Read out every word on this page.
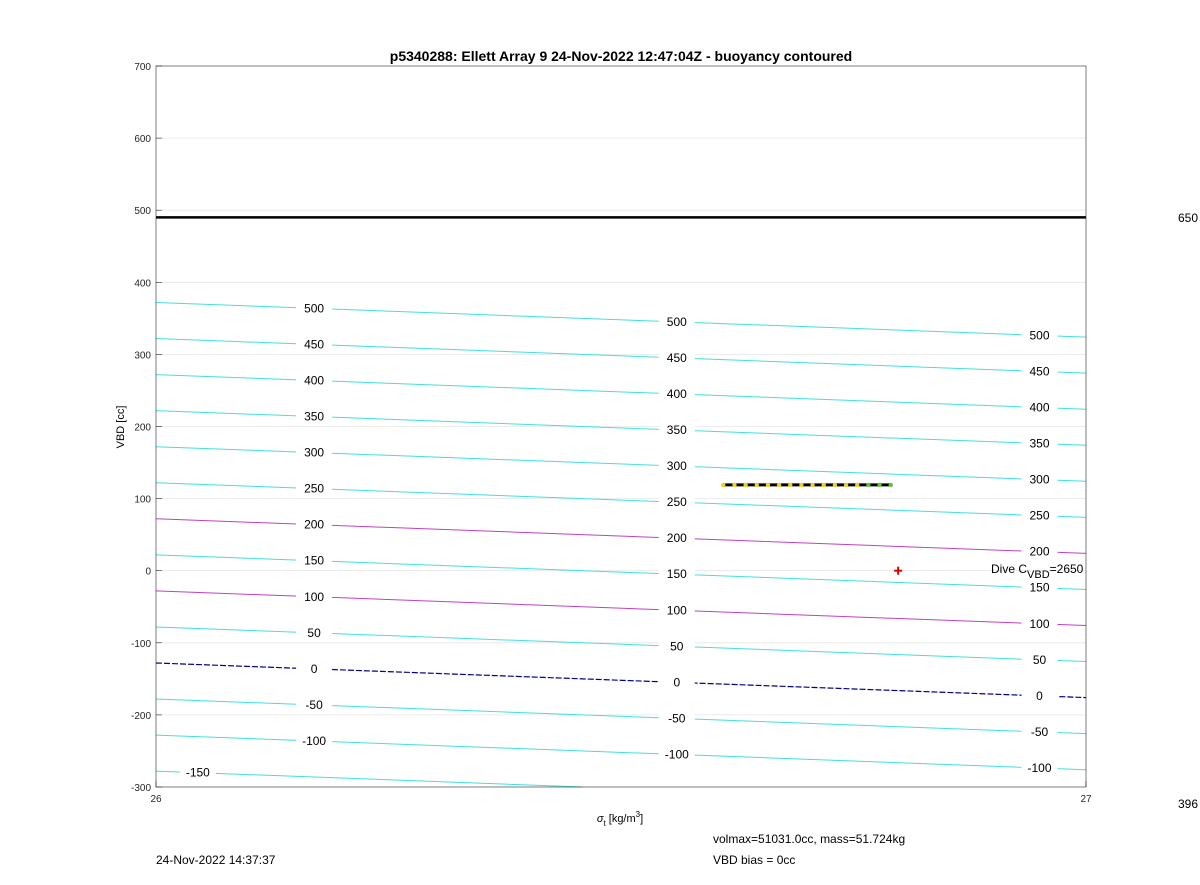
500
500
500
450
450
450
400
400
400
350
350
350
300
300
300
250
250
250
200
200
200
150
150
150
100
100
100
50
50
50
0
0
0
-50
-50
-50
-100
-100
-100
-150
700
600
500
400
300
200
100
0
-100
-200
-300
26	27
p5340288: Ellett Array 9 24-Nov-2022 12:47:04Z - buoyancy contoured
VBD [cc]
$\sigma_t$ $[kg/m^3]$
650
396
Dive CVBD=2650
24-Nov-2022 14:37:37
volmax=51031.0cc, mass=51.724kg
VBD bias = 0cc
